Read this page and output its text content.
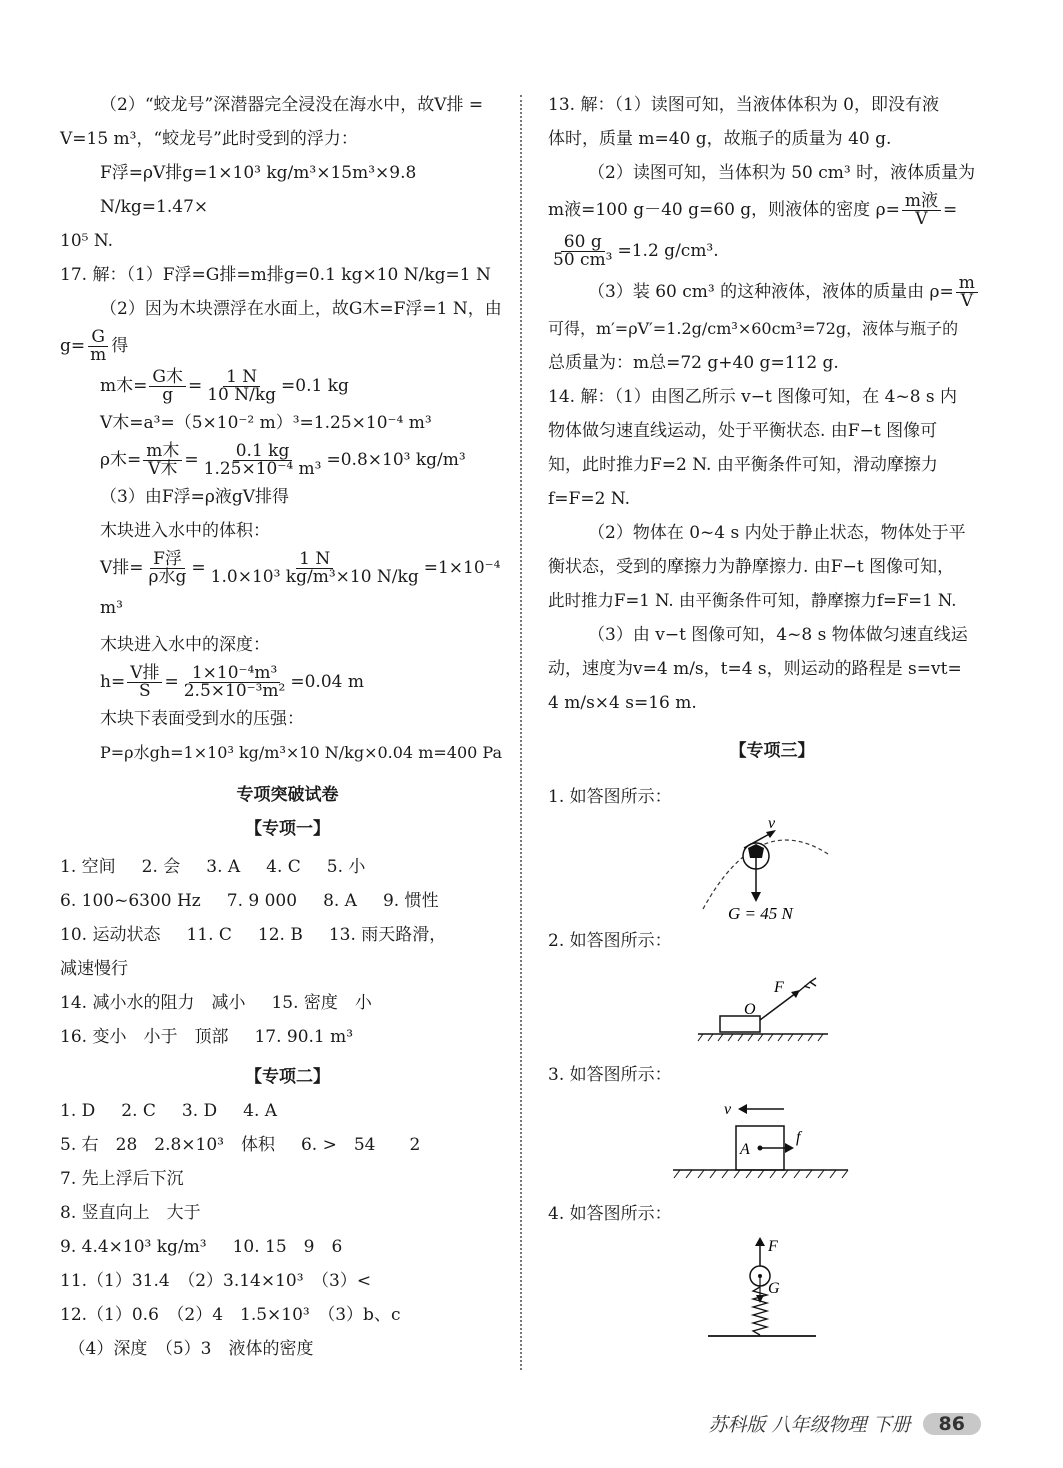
（2）“蛟龙号”深潜器完全浸没在海水中，故V排 =

V=15 m³，“蛟龙号”此时受到的浮力：

F浮=ρV排g=1×10³ kg/m³×15m³×9.8 N/kg=1.47×

10⁵ N.

17. 解：（1）F浮=G排=m排g=0.1 kg×10 N/kg=1 N

（2）因为木块漂浮在水面上，故G木=F浮=1 N，由

$g= \frac{G}{m}$ 得

m木= $\frac{\text{G木}}{g} = \frac{1 N}{10 N/kg} =0.1$ kg

V木=a³=（5×10⁻² m）³=1.25×10⁻⁴ m³

ρ木= $\frac{\text{m木}}{\text{V木}} = \frac{0.1 kg}{\text{1.25×10⁻⁴ m³}} =0.8\times 10^3$ kg/m³

（3）由F浮=ρ液gV排得

木块进入水中的体积：

V排= $\frac{\text{F浮}}{\text{ρ水g}} = \frac{1 N}{\text{1.0×10³ kg/m³×10 N/kg}} =1\times 10^{-4}$ m³

木块进入水中的深度：

$h= \frac{\text{V排}}{S} = \frac{\text{1×10⁻⁴m³}}{\text{2.5×10⁻³m²}} =0.04$ m

木块下表面受到水的压强：

P=ρ水gh=1×10³ kg/m³×10 N/kg×0.04 m=400 Pa

专项突破试卷

【专项一】

1. 空间 2. 会 3. A 4. C 5. 小

6. 100~6300 Hz 7. 9 000 8. A 9. 惯性

10. 运动状态 11. C 12. B 13. 雨天路滑，

减速慢行

14. 减小水的阻力　减小 15. 密度　小

16. 变小　小于　顶部 17. 90.1 m³

【专项二】

1. D 2. C 3. D 4. A

5. 右　28　2.8×10³　体积 6. >　54　　2

7. 先上浮后下沉

8. 竖直向上　大于

9. 4.4×10³ kg/m³ 10. 15　9　6

11.（1）31.4　（2）3.14×10³　（3）<

12.（1）0.6　（2）4　1.5×10³　（3）b、c

　（4）深度　（5）3　液体的密度

13. 解：（1）读图可知，当液体体积为 0，即没有液

体时，质量 m=40 g，故瓶子的质量为 40 g.

（2）读图可知，当体积为 50 cm³ 时，液体质量为

m液=100 g－40 g=60 g，则液体的密度 $\rho= \frac{\text{m液}}{V}$ =

$\frac{60 g}{\text{50 cm³}} =1.2$ g/cm³.

（3）装 60 cm³ 的这种液体，液体的质量由 $\rho= \frac{m}{V}$

可得，m′=ρV′=1.2g/cm³×60cm³=72g，液体与瓶子的

总质量为：m总=72 g+40 g=112 g.

14. 解：（1）由图乙所示 v−t 图像可知，在 4~8 s 内

物体做匀速直线运动，处于平衡状态. 由F−t 图像可

知，此时推力F=2 N. 由平衡条件可知，滑动摩擦力

f=F=2 N.

（2）物体在 0~4 s 内处于静止状态，物体处于平

衡状态，受到的摩擦力为静摩擦力. 由F−t 图像可知，

此时推力F=1 N. 由平衡条件可知，静摩擦力f=F=1 N.

（3）由 v−t 图像可知，4~8 s 物体做匀速直线运

动，速度为v=4 m/s，t=4 s，则运动的路程是 s=vt=

4 m/s×4 s=16 m.

【专项三】

1. 如答图所示：

v
G = 45 N

2. 如答图所示：

O
F

3. 如答图所示：

v
A
f

4. 如答图所示：

F
G
苏科版 八年级物理 下册	86
